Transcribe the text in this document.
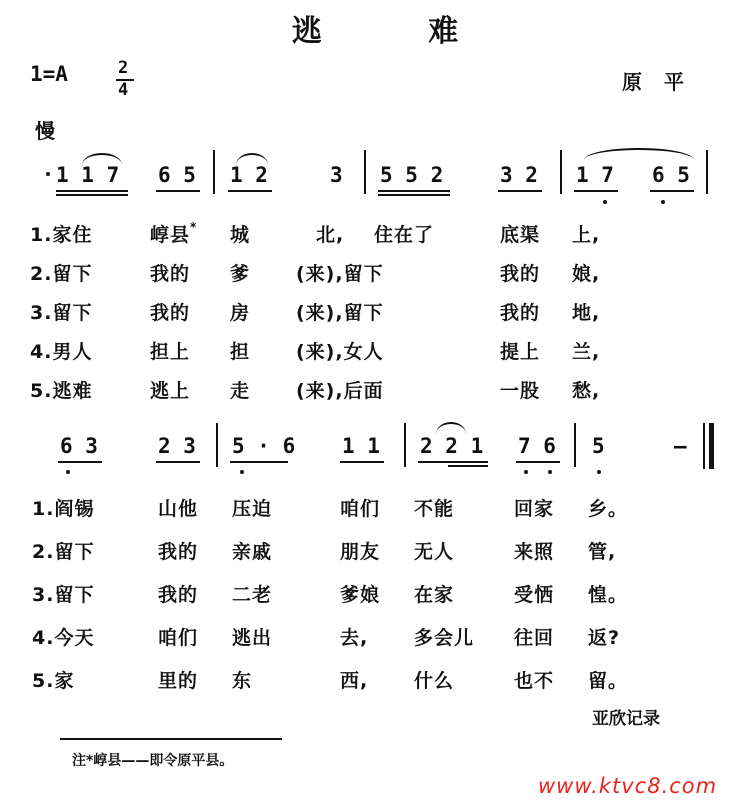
逃 难
1=A	2
4	原平
慢
1 1 7 6 5 1 2	3 5 5 2	3 2 1 7 6 5
1.家住	崞县* 城	北, 住在了	底渠 上,
2.留下	我的 爹 (来),留下	我的 娘,
3.留下	我的 房 (来),留下	我的 地,
4.男人	担上 担 (来),女人	提上 兰,
5.逃难	逃上 走 (来),后面	一股 愁,
6 3	2 3 5 · 6 1 1 2 2 1 7 6 5	—
1.阎锡	山他 压迫	咱们 不能	回家 乡。
2.留下	我的 亲戚	朋友 无人	来照 管,
3.留下	我的 二老	爹娘 在家	受恓 惶。
4.今天	咱们 逃出	去, 多会儿 往回 返?
5.家	里的 东	西, 什么	也不 留。
亚欣记录
注*崞县——即令原平县。
www.ktvc8.com
